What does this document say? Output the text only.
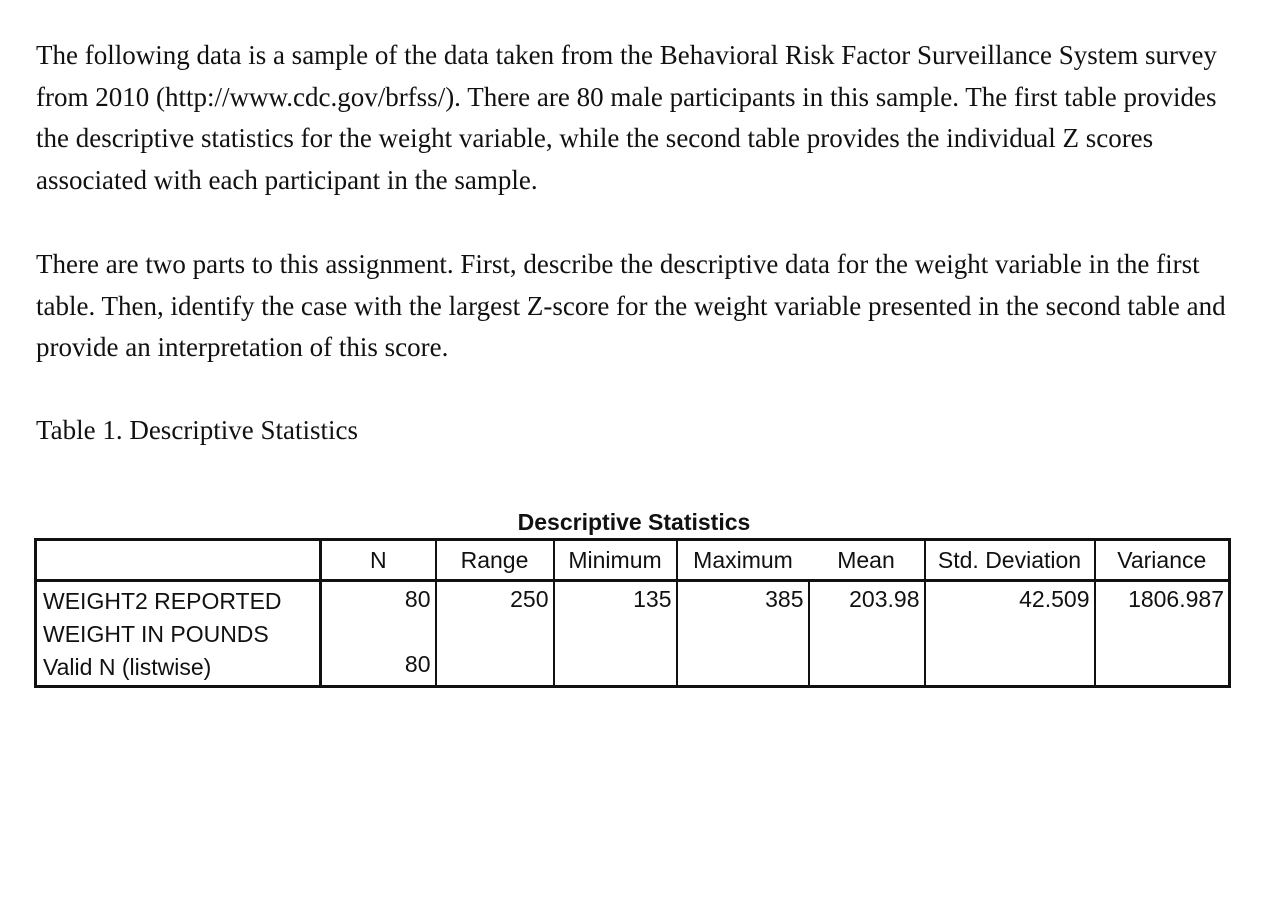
The following data is a sample of the data taken from the Behavioral Risk Factor Surveillance System survey from 2010 (http://www.cdc.gov/brfss/). There are 80 male participants in this sample. The first table provides the descriptive statistics for the weight variable, while the second table provides the individual Z scores associated with each participant in the sample.

There are two parts to this assignment. First, describe the descriptive data for the weight variable in the first table. Then, identify the case with the largest Z-score for the weight variable presented in the second table and provide an interpretation of this score.

Table 1. Descriptive Statistics

Descriptive Statistics
	N	Range	Minimum	Maximum	Mean	Std. Deviation	Variance
WEIGHT2 REPORTED WEIGHT IN POUNDS	80	250	135	385	203.98	42.509	1806.987
Valid N (listwise)	80						
